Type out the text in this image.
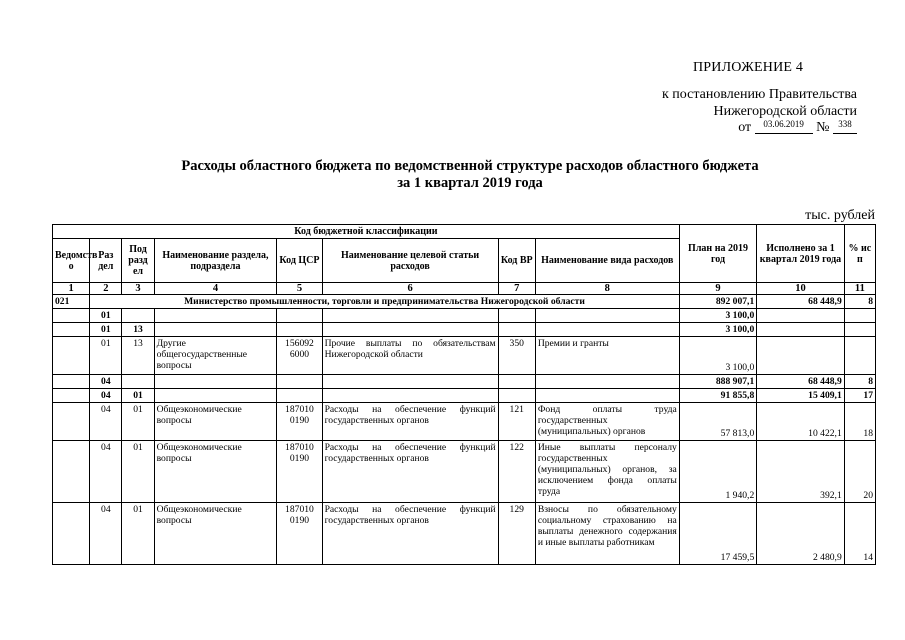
ПРИЛОЖЕНИЕ 4
к постановлению Правительства
Нижегородской области
от	03.06.2019 № 338

Расходы областного бюджета по ведомственной структуре расходов областного бюджета
за 1 квартал 2019 года
тыс. рублей
Код бюджетной классификации								План на 2019 год	Исполнено за 1 квартал 2019 года	% ис п
Ведомств о	Раз дел	Под разд ел	Наименование раздела, подраздела	Код ЦСР	Наименование целевой статьи расходов	Код ВР	Наименование вида расходов			
1	2	3	4	5	6	7	8	9	10	11
021	Министерство промышленности, торговли и предпринимательства Нижегородской области							892 007,1	68 448,9	8
	01							3 100,0		
	01	13						3 100,0		
	01	13	Другие общегосударственные вопросы	156092 6000	Прочие выплаты по обязательствам Нижегородской области	350	Премии и гранты	3 100,0		
	04							888 907,1	68 448,9	8
	04	01						91 855,8	15 409,1	17
	04	01	Общеэкономические вопросы	187010 0190	Расходы на обеспечение функций государственных органов	121	Фонд оплаты труда государственных (муниципальных) органов	57 813,0	10 422,1	18
	04	01	Общеэкономические вопросы	187010 0190	Расходы на обеспечение функций государственных органов	122	Иные выплаты персоналу государственных (муниципальных) органов, за исключением фонда оплаты труда	1 940,2	392,1	20
	04	01	Общеэкономические вопросы	187010 0190	Расходы на обеспечение функций государственных органов	129	Взносы по обязательному социальному страхованию на выплаты денежного содержания и иные выплаты работникам	17 459,5	2 480,9	14
